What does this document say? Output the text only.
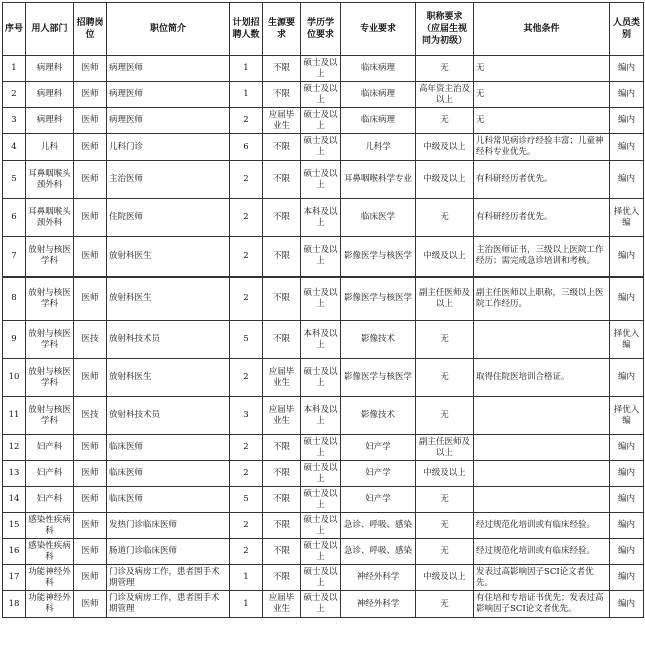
序号	用人部门	招聘岗位	职位简介	计划招聘人数	生源要求	学历学位要求	专业要求	职称要求（应届生视同为初级）	其他条件	人员类别
1	病理科	医师	病理医师	1	不限	硕士及以上	临床病理	无	无	编内
2	病理科	医师	病理医师	1	不限	硕士及以上	临床病理	高年资主治及以上	无	编内
3	病理科	医师	病理医师	2	应届毕业生	硕士及以上	临床病理	无	无	编内
4	儿科	医师	儿科门诊	6	不限	硕士及以上	儿科学	中级及以上	儿科常见病诊疗经验丰富；儿童神经科专业优先。	编内
5	耳鼻咽喉头颈外科	医师	主治医师	2	不限	硕士及以上	耳鼻咽喉科学专业	中级及以上	有科研经历者优先。	编内
6	耳鼻咽喉头颈外科	医师	住院医师	2	不限	本科及以上	临床医学	无	有科研经历者优先。	择优入编
7	放射与核医学科	医师	放射科医生	2	不限	硕士及以上	影像医学与核医学	中级及以上	主治医师证书，三级以上医院工作经历；需完成急诊培训和考核。	编内
8	放射与核医学科	医师	放射科医生	2	不限	硕士及以上	影像医学与核医学	副主任医师及以上	副主任医师以上职称，三级以上医院工作经历。	编内
9	放射与核医学科	医技	放射科技术员	5	不限	本科及以上	影像技术	无		择优入编
10	放射与核医学科	医师	放射科医生	2	应届毕业生	硕士及以上	影像医学与核医学	无	取得住院医培训合格证。	编内
11	放射与核医学科	医技	放射科技术员	3	应届毕业生	本科及以上	影像技术	无		择优入编
12	妇产科	医师	临床医师	2	不限	硕士及以上	妇产学	副主任医师及以上		编内
13	妇产科	医师	临床医师	2	不限	硕士及以上	妇产学	中级及以上		编内
14	妇产科	医师	临床医师	5	不限	硕士及以上	妇产学	无		编内
15	感染性疾病科	医师	发热门诊临床医师	2	不限	硕士及以上	急诊、呼吸、感染	无	经过规范化培训或有临床经验。	编内
16	感染性疾病科	医师	肠道门诊临床医师	2	不限	硕士及以上	急诊、呼吸、感染	无	经过规范化培训或有临床经验。	编内
17	功能神经外科	医师	门诊及病房工作，患者围手术期管理	1	不限	硕士及以上	神经外科学	中级及以上	发表过高影响因子SCI论文者优先。	编内
18	功能神经外科	医师	门诊及病房工作，患者围手术期管理	1	应届毕业生	硕士及以上	神经外科学	无	有住培和专培证书优先；发表过高影响因子SCI论文者优先。	编内
